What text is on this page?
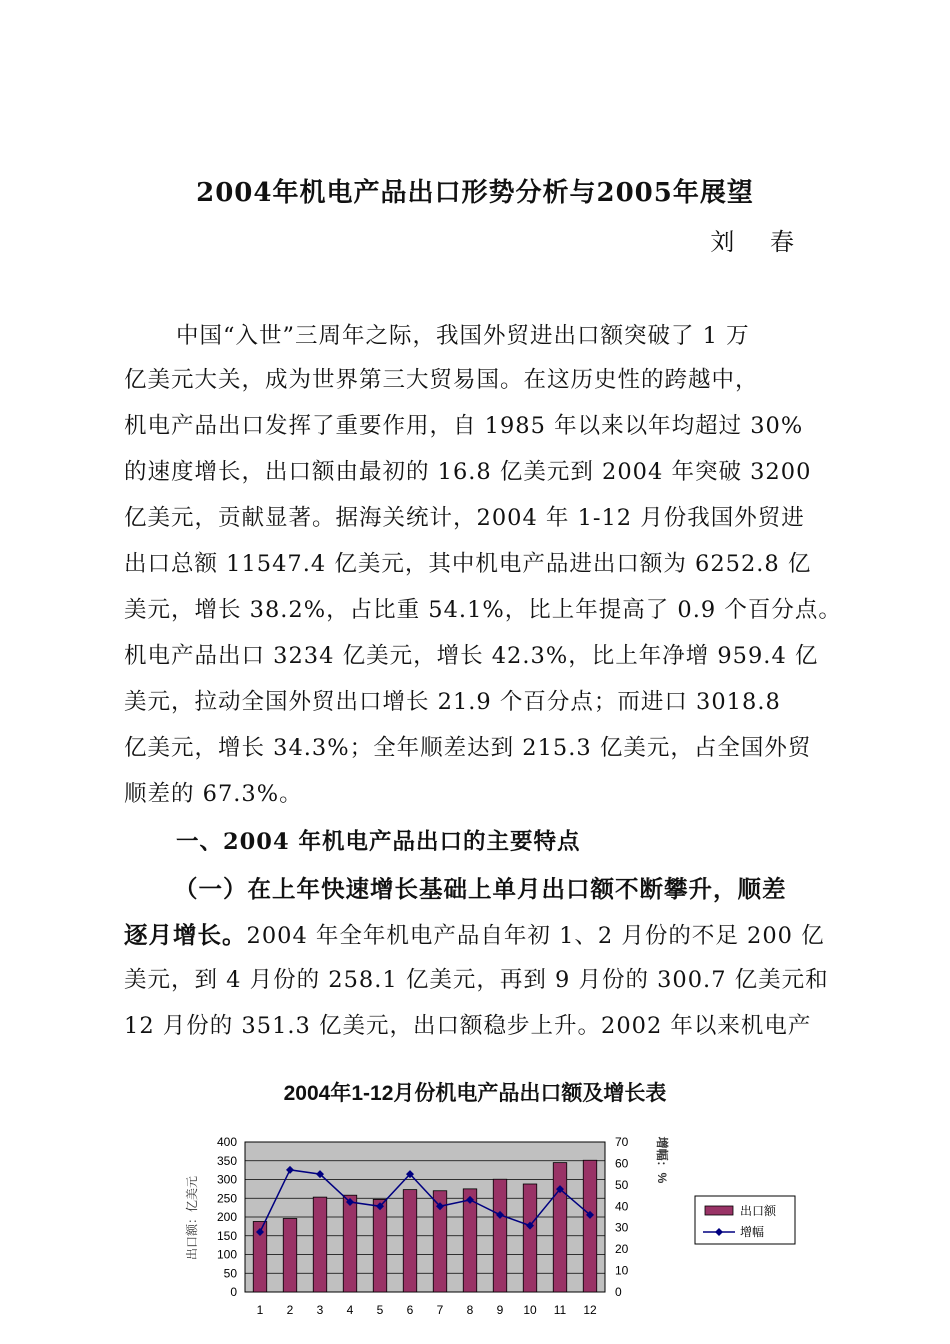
2004年机电产品出口形势分析与2005年展望
刘 春
中国“入世”三周年之际，我国外贸进出口额突破了 1 万
亿美元大关，成为世界第三大贸易国。在这历史性的跨越中，
机电产品出口发挥了重要作用，自 1985 年以来以年均超过 30%
的速度增长，出口额由最初的 16.8 亿美元到 2004 年突破 3200
亿美元，贡献显著。据海关统计，2004 年 1-12 月份我国外贸进
出口总额 11547.4 亿美元，其中机电产品进出口额为 6252.8 亿
美元，增长 38.2%，占比重 54.1%，比上年提高了 0.9 个百分点。
机电产品出口 3234 亿美元，增长 42.3%，比上年净增 959.4 亿
美元，拉动全国外贸出口增长 21.9 个百分点；而进口 3018.8
亿美元，增长 34.3%；全年顺差达到 215.3 亿美元，占全国外贸
顺差的 67.3%。
一、2004 年机电产品出口的主要特点
（一）在上年快速增长基础上单月出口额不断攀升，顺差
逐月增长。2004 年全年机电产品自年初 1、2 月份的不足 200 亿
美元，到 4 月份的 258.1 亿美元，再到 9 月份的 300.7 亿美元和
12 月份的 351.3 亿美元，出口额稳步上升。2002 年以来机电产
2004年1-12月份机电产品出口额及增长表
0
50
100
150
200
250
300
350
400
0
10
20
30
40
50
60
70
1 2 3 4 5 6 7 8 9 10 11 12
出口额：亿美元
增幅：%
出口额
增幅
